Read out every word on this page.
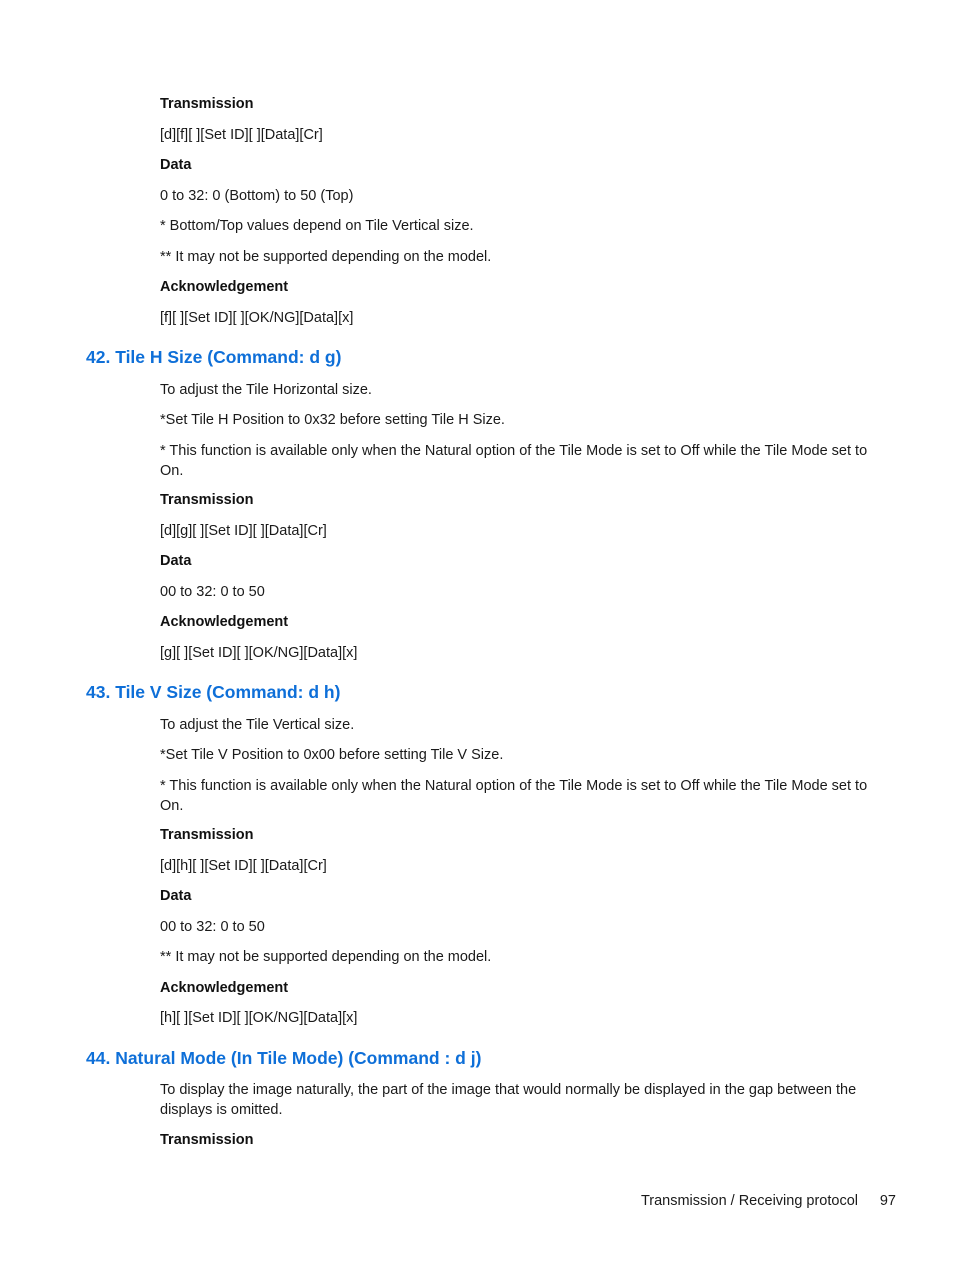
Transmission

[d][f][ ][Set ID][ ][Data][Cr]

Data

0 to 32: 0 (Bottom) to 50 (Top)

* Bottom/Top values depend on Tile Vertical size.

** It may not be supported depending on the model.

Acknowledgement

[f][ ][Set ID][ ][OK/NG][Data][x]

42. Tile H Size (Command: d g)

To adjust the Tile Horizontal size.

*Set Tile H Position to 0x32 before setting Tile H Size.

* This function is available only when the Natural option of the Tile Mode is set to Off while the Tile Mode set to On.

Transmission

[d][g][ ][Set ID][ ][Data][Cr]

Data

00 to 32: 0 to 50

Acknowledgement

[g][ ][Set ID][ ][OK/NG][Data][x]

43. Tile V Size (Command: d h)

To adjust the Tile Vertical size.

*Set Tile V Position to 0x00 before setting Tile V Size.

* This function is available only when the Natural option of the Tile Mode is set to Off while the Tile Mode set to On.

Transmission

[d][h][ ][Set ID][ ][Data][Cr]

Data

00 to 32: 0 to 50

** It may not be supported depending on the model.

Acknowledgement

[h][ ][Set ID][ ][OK/NG][Data][x]

44. Natural Mode (In Tile Mode) (Command : d j)

To display the image naturally, the part of the image that would normally be displayed in the gap between the displays is omitted.

Transmission

Transmission / Receiving protocol 97
